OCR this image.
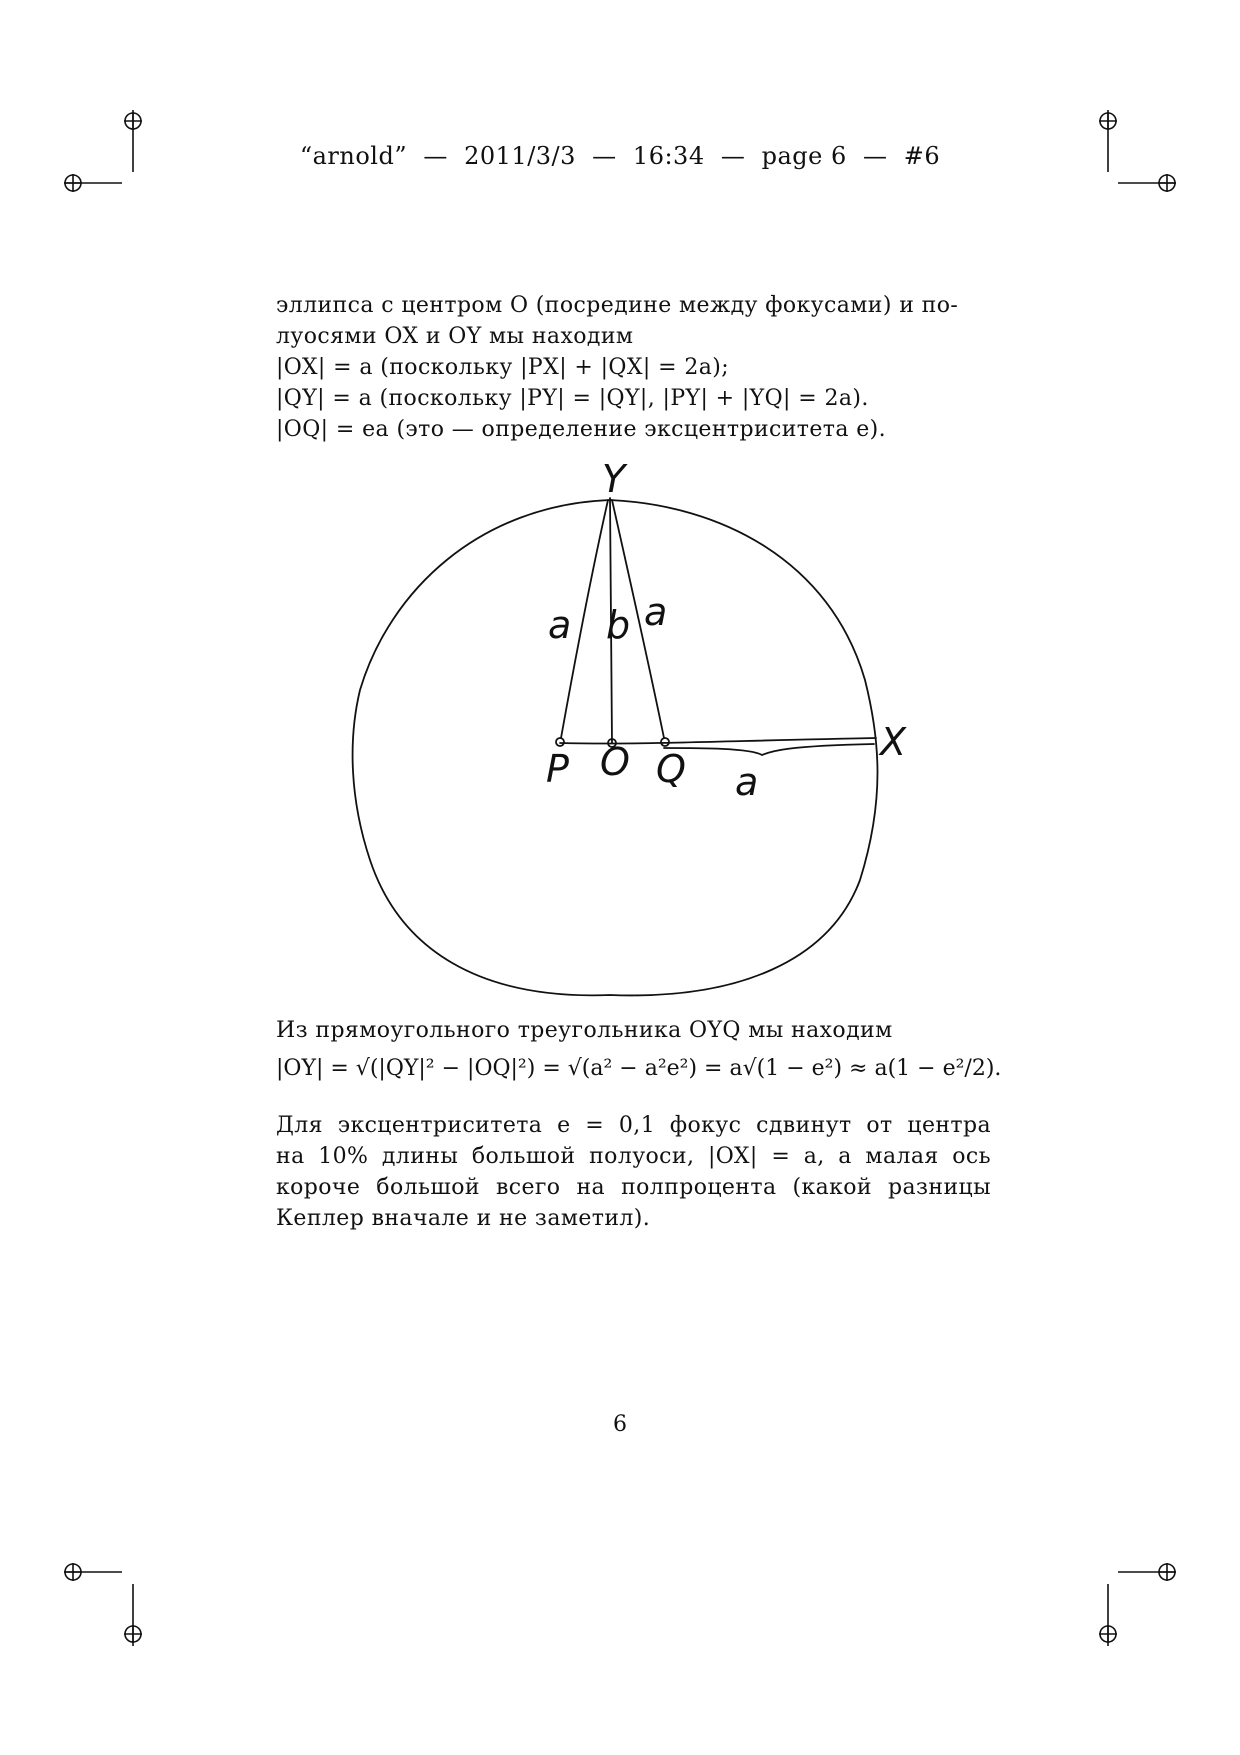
“arnold”  —  2011/3/3  —  16:34  —  page 6  —  #6
эллипса с центром O (посредине между фокусами) и по-
луосями OX и OY мы находим
|OX| = a (поскольку |PX| + |QX| = 2a);
|QY| = a (поскольку |PY| = |QY|, |PY| + |YQ| = 2a).
|OQ| = ea (это — определение эксцентриситета e).
Y
X
P O Q
a b a
a
Из прямоугольного треугольника OYQ мы находим
|OY| = √(|QY|² − |OQ|²) = √(a² − a²e²) = a√(1 − e²) ≈ a(1 − e²/2).
Для эксцентриситета e = 0,1 фокус сдвинут от центра
на 10% длины большой полуоси, |OX| = a, а малая ось
короче большой всего на полпроцента (какой разницы
Кеплер вначале и не заметил).
6
